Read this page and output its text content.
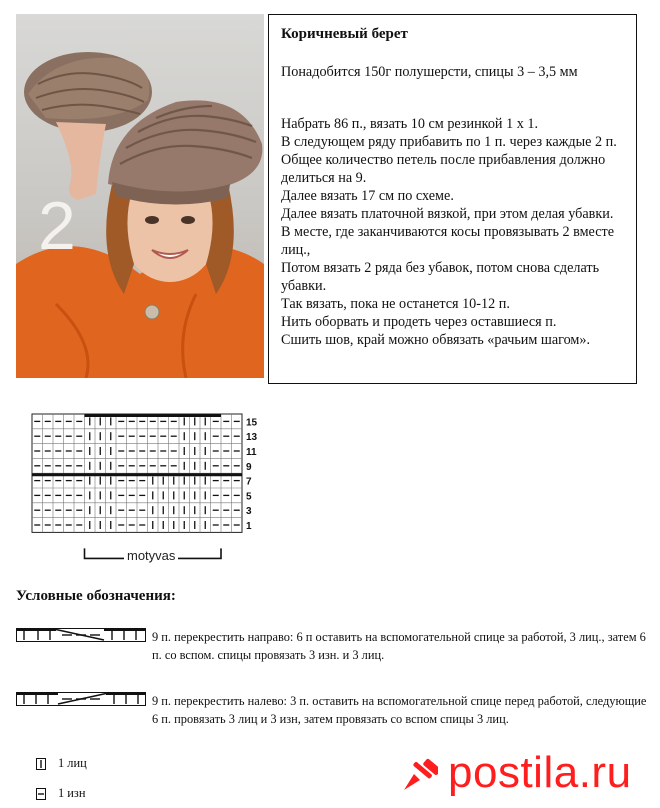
2
Коричневый берет

Понадобится 150г полушерсти, спицы 3 – 3,5 мм

Набрать 86 п., вязать 10 см резинкой 1 х 1.

В следующем ряду прибавить по 1 п. через каждые 2 п.

Общее количество петель после прибавления должно делиться на 9.

Далее вязать 17 см по схеме.

Далее вязать платочной вязкой, при этом делая убавки.

В месте, где заканчиваются косы провязывать 2 вместе лиц.,

Потом вязать 2 ряда без убавок, потом снова сделать убавки.

Так вязать, пока не останется 10-12 п.

Нить оборвать и продеть через оставшиеся п.

Сшить шов, край можно обвязать «рачьим шагом».

15
13
11
9
7
5
3
1
motyvas
Условные обозначения:
9 п. перекрестить направо: 6 п оставить на вспомогательной спице за работой, 3 лиц., затем 6 п. со вспом. спицы провязать 3 изн. и 3 лиц.
9 п. перекрестить налево: 3 п. оставить на вспомогательной спице перед работой, следующие 6 п. провязать 3 лиц и 3 изн, затем провязать со вспом спицы 3 лиц.
1 лиц
1 изн	postila.ru
